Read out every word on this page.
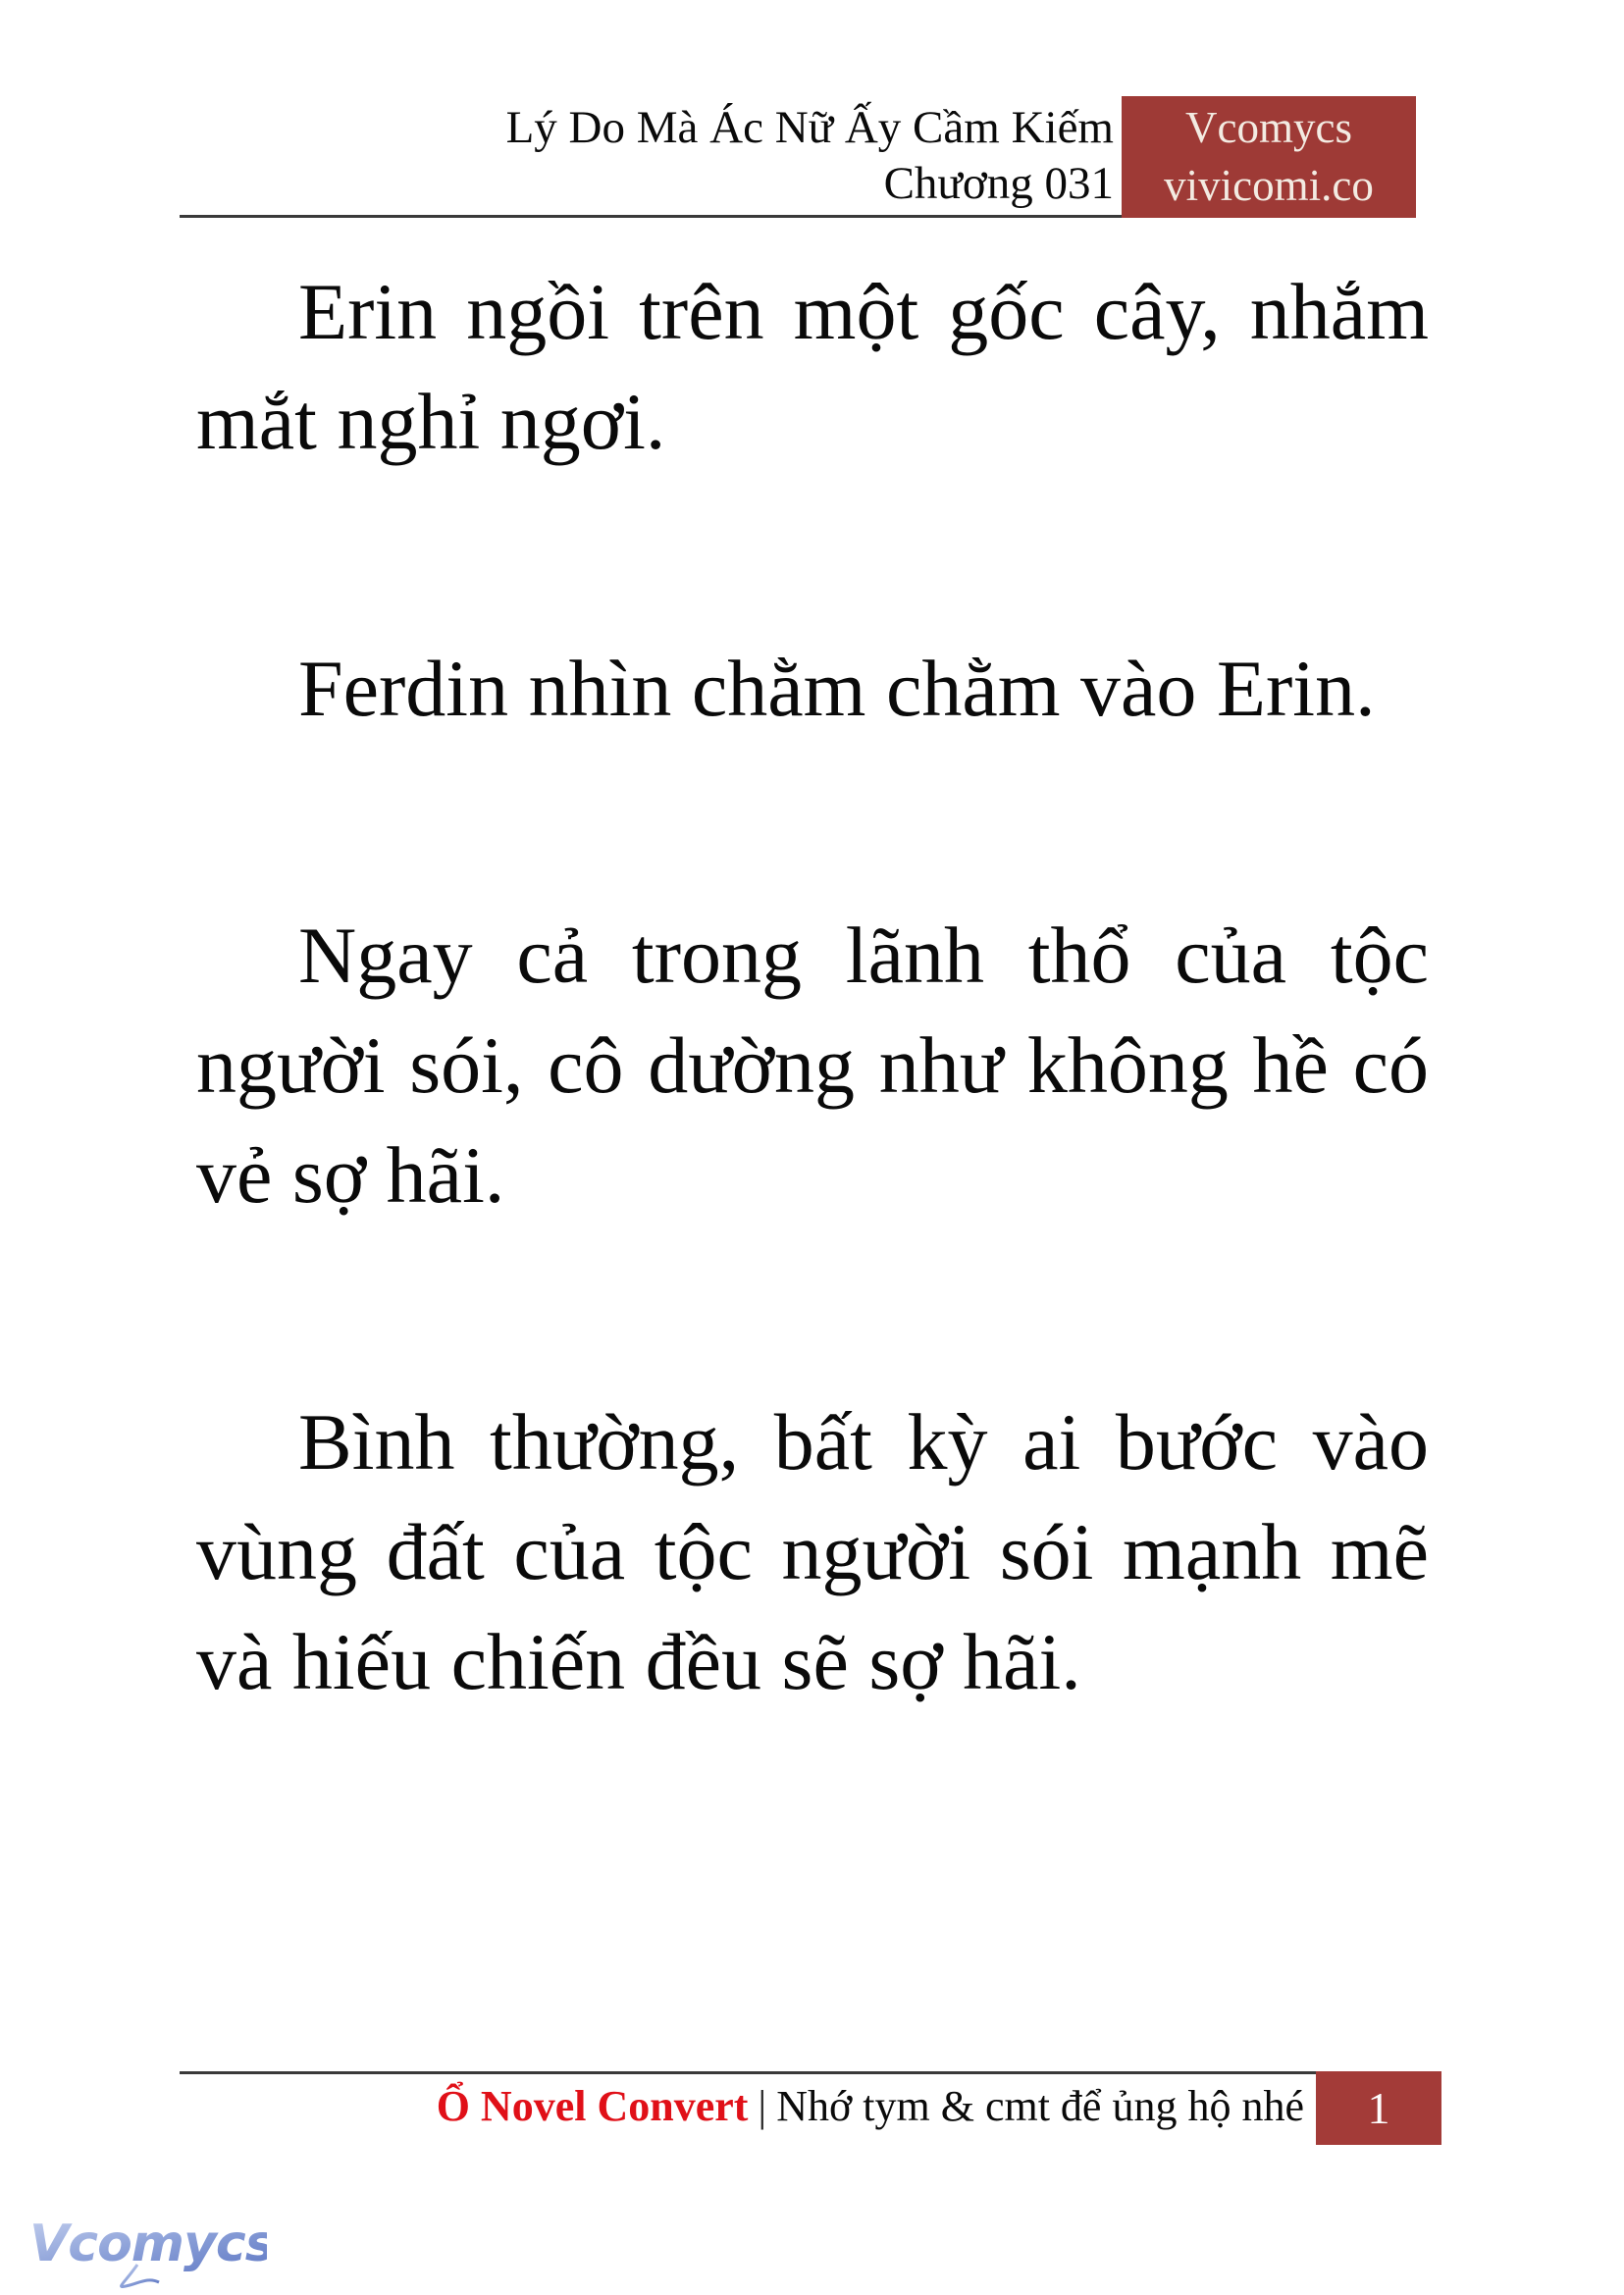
Lý Do Mà Ác Nữ Ấy Cầm Kiếm
Chương 031
Vcomycs
vivicomi.co

Erin ngồi trên một gốc cây, nhắm mắt nghỉ ngơi.

Ferdin nhìn chằm chằm vào Erin.

Ngay cả trong lãnh thổ của tộc người sói, cô dường như không hề có vẻ sợ hãi.

Bình thường, bất kỳ ai bước vào vùng đất của tộc người sói mạnh mẽ và hiếu chiến đều sẽ sợ hãi.

Ổ Novel Convert | Nhớ tym & cmt để ủng hộ nhé	1
Vcomycs
